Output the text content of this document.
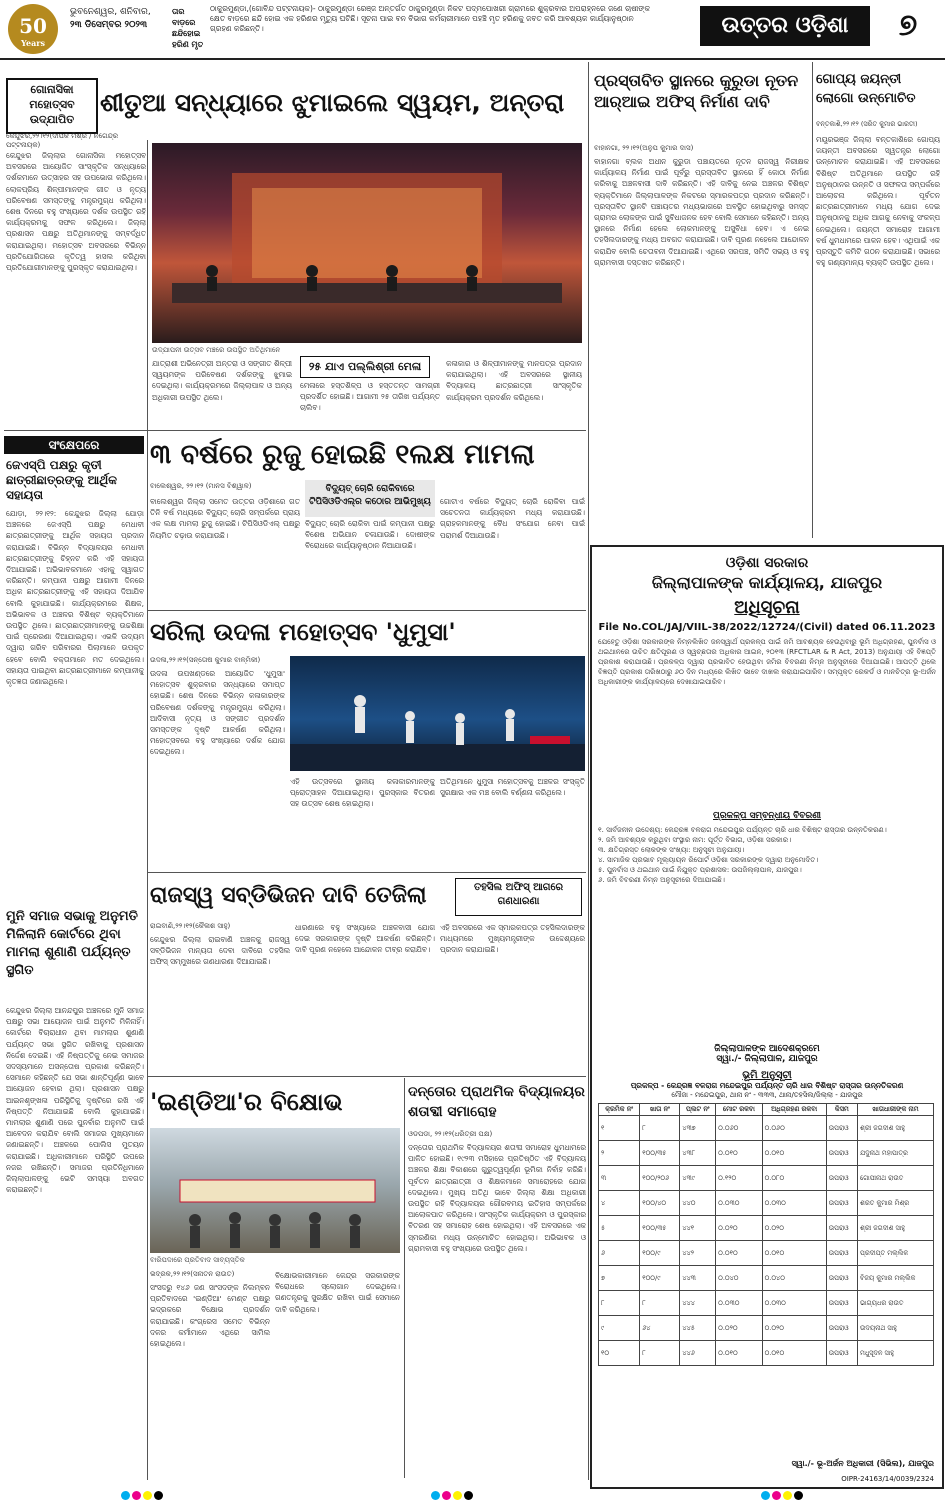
50
Years
ଭୁବନେଶ୍ୱର, ଶନିବାର,
୨୩ ଡିସେମ୍ବର ୨୦୨୩
ତାର ବାଡ଼ରେ ଛନ୍ଦିହୋଇ ହରିଣ ମୃତ
ଠାକୁରମୁଣ୍ଡା,(ଗୋବିନ୍ଦ ପଟ୍ଟନାୟକ)- ଠାକୁରମୁଣ୍ଡା ରେଞ୍ଜ ଅନ୍ତର୍ଗତ ଠାକୁରମୁଣ୍ଡା ନିକଟ ପଦ୍ମପୋଖରୀ ଗ୍ରାମରେ ଶୁକ୍ରବାର ଅପରାହ୍ନରେ ଜଣେ ଚାଷୀଙ୍କ କ୍ଷେତ ବାଡ଼ରେ ଛନ୍ଦି ହୋଇ ଏକ ହରିଣର ମୃତ୍ୟୁ ଘଟିଛି। ସୂଚନା ପାଇ ବନ ବିଭାଗ କର୍ମଚାରୀମାନେ ପହଞ୍ଚି ମୃତ ହରିଣକୁ ଜବତ କରି ଆବଶ୍ୟକ କାର୍ଯ୍ୟାନୁଷ୍ଠାନ ଗ୍ରହଣ କରିଛନ୍ତି।	ଉତ୍ତର ଓଡ଼ିଶା	୭
ଗୋନାସିକା ମହୋତ୍ସବ ଉଦ୍‌ଯାପିତ
ଶୀତୁଆ ସନ୍ଧ୍ୟାରେ ଝୁମାଇଲେ ସ୍ୱୟମ, ଅନ୍ତରା
କେନ୍ଦୁଝର,୨୨।୧୨(ଦୀପକ ମିଶ୍ର / ନଗେନ୍ଦ୍ର ପଟ୍ଟନାୟକ)
କେନ୍ଦୁଝର ଜିଲ୍ଲାର ଗୋନାସିକା ମହୋତ୍ସବ ଅବସରରେ ଆୟୋଜିତ ସାଂସ୍କୃତିକ ସନ୍ଧ୍ୟାରେ ଦର୍ଶକମାନେ ଉତ୍ସାହର ସହ ଉପଭୋଗ କରିଥିଲେ। ଲୋକପ୍ରିୟ ଶିଳ୍ପୀମାନଙ୍କ ଗୀତ ଓ ନୃତ୍ୟ ପରିବେଷଣ ସମସ୍ତଙ୍କୁ ମନ୍ତ୍ରମୁଗ୍ଧ କରିଥିଲା। ଶେଷ ଦିନରେ ବହୁ ସଂଖ୍ୟାରେ ଦର୍ଶକ ଉପସ୍ଥିତ ରହି କାର୍ଯ୍ୟକ୍ରମକୁ ସଫଳ କରିଥିଲେ। ଜିଲ୍ଲା ପ୍ରଶାସନ ପକ୍ଷରୁ ଅତିଥିମାନଙ୍କୁ ସମ୍ବର୍ଦ୍ଧିତ କରାଯାଇଥିଲା। ମହୋତ୍ସବ ଅବସରରେ ବିଭିନ୍ନ ପ୍ରତିଯୋଗିତାରେ କୃତିତ୍ୱ ହାସଲ କରିଥିବା ପ୍ରତିଯୋଗୀମାନଙ୍କୁ ପୁରସ୍କୃତ କରାଯାଇଥିଲା।
ଉଦ୍‌ଯାପନୀ ଉତ୍ସବ ମଞ୍ଚରେ ଉପସ୍ଥିତ ଅତିଥିମାନେ
ଯାତ୍ରାଶୀ ଅଭିନେତ୍ରୀ ଅନ୍ତରା ଓ ସଙ୍ଗୀତ ଶିଳ୍ପୀ ସ୍ୱୟମଙ୍କ ପରିବେଷଣ ଦର୍ଶକଙ୍କୁ ଝୁମାଇ ଦେଇଥିଲା। କାର୍ଯ୍ୟକ୍ରମରେ ଜିଲ୍ଲାପାଳ ଓ ଅନ୍ୟ ଅଧିକାରୀ ଉପସ୍ଥିତ ଥିଲେ।
୨୫ ଯାଏ ପଲ୍ଲିଶ୍ରୀ ମେଳା
ମେଳାରେ ହସ୍ତଶିଳ୍ପ ଓ ହସ୍ତତନ୍ତ ସାମଗ୍ରୀ ପ୍ରଦର୍ଶିତ ହୋଇଛି। ଆଗାମୀ ୨୫ ତାରିଖ ପର୍ଯ୍ୟନ୍ତ ଚାଲିବ।
କଳାକାର ଓ ଶିଳ୍ପୀମାନଙ୍କୁ ମାନପତ୍ର ପ୍ରଦାନ କରାଯାଇଥିଲା। ଏହି ଅବସରରେ ସ୍ଥାନୀୟ ବିଦ୍ୟାଳୟ ଛାତ୍ରଛାତ୍ରୀ ସାଂସ୍କୃତିକ କାର୍ଯ୍ୟକ୍ରମ ପ୍ରଦର୍ଶନ କରିଥିଲେ।
ପ୍ରସ୍ତାବିତ ସ୍ଥାନରେ କୁରୁଡା ନୂତନ ଆର୍‌ଆଇ ଅଫିସ୍ ନିର୍ମାଣ ଦାବି
ବାହାନଗା, ୨୨।୧୨(ଅନୁପ କୁମାର ଦାସ)
ବାହାନଗା ବ୍ଲକ ଅଧୀନ କୁରୁଡା ପଞ୍ଚାୟତରେ ନୂତନ ରାଜସ୍ୱ ନିରୀକ୍ଷକ କାର୍ଯ୍ୟାଳୟ ନିର୍ମାଣ ପାଇଁ ପୂର୍ବରୁ ପ୍ରସ୍ତାବିତ ସ୍ଥାନରେ ହିଁ କୋଠା ନିର୍ମାଣ କରିବାକୁ ଅଞ୍ଚଳବାସୀ ଦାବି କରିଛନ୍ତି। ଏହି ଦାବିକୁ ନେଇ ଅଞ୍ଚଳର ବିଶିଷ୍ଟ ବ୍ୟକ୍ତିମାନେ ଜିଲ୍ଲାପାଳଙ୍କ ନିକଟରେ ସ୍ମାରକପତ୍ର ପ୍ରଦାନ କରିଛନ୍ତି। ପ୍ରସ୍ତାବିତ ସ୍ଥାନଟି ପଞ୍ଚାୟତର ମଧ୍ୟଭାଗରେ ଅବସ୍ଥିତ ହୋଇଥିବାରୁ ସମସ୍ତ ଗ୍ରାମର ଲୋକଙ୍କ ପାଇଁ ସୁବିଧାଜନକ ହେବ ବୋଲି ସେମାନେ କହିଛନ୍ତି। ଅନ୍ୟ ସ୍ଥାନରେ ନିର୍ମାଣ ହେଲେ ଲୋକମାନଙ୍କୁ ଅସୁବିଧା ହେବ। ଏ ନେଇ ତହସିଲଦାରଙ୍କୁ ମଧ୍ୟ ଅବଗତ କରାଯାଇଛି। ଦାବି ପୂରଣ ନହେଲେ ଆନ୍ଦୋଳନ କରାଯିବ ବୋଲି ଚେତାବନୀ ଦିଆଯାଇଛି। ଏଥିରେ ସରପଞ୍ଚ, ସମିତି ସଭ୍ୟ ଓ ବହୁ ଗ୍ରାମବାସୀ ଦସ୍ତଖତ କରିଛନ୍ତି।
ଗୋପ୍ୟ ଜୟନ୍ତୀ ଲୋଗୋ ଉନ୍ମୋଚିତ
ବନ୍ତକାଶି,୨୨।୧୨ (ସରିତ କୁମାର ଭାରତୀ)
ମୟୂରଭଞ୍ଜ ଜିଲ୍ଲା ବନ୍ତକାଶିରେ ଗୋପ୍ୟ ଜୟନ୍ତୀ ଅବସରରେ ସ୍ୱତନ୍ତ୍ର ଲୋଗୋ ଉନ୍ମୋଚନ କରାଯାଇଛି। ଏହି ଅବସରରେ ବିଶିଷ୍ଟ ଅତିଥିମାନେ ଉପସ୍ଥିତ ରହି ଅନୁଷ୍ଠାନର ଉନ୍ନତି ଓ ସଫଳତା ସମ୍ପର୍କରେ ଆଲୋଚନା କରିଥିଲେ। ପୂର୍ବତନ ଛାତ୍ରଛାତ୍ରୀମାନେ ମଧ୍ୟ ଯୋଗ ଦେଇ ଅନୁଷ୍ଠାନକୁ ଅଧିକ ଆଗକୁ ନେବାକୁ ସଂକଳ୍ପ ନେଇଥିଲେ। ଜୟନ୍ତୀ ସମାରୋହ ଆଗାମୀ ବର୍ଷ ଧୁମଧାମରେ ପାଳନ ହେବ। ଏଥିପାଇଁ ଏକ ପ୍ରସ୍ତୁତି କମିଟି ଗଠନ କରାଯାଇଛି। ସଭାରେ ବହୁ ଗଣ୍ୟମାନ୍ୟ ବ୍ୟକ୍ତି ଉପସ୍ଥିତ ଥିଲେ।
ସଂକ୍ଷେପରେ
ଜେଏସ୍‌ପି ପକ୍ଷରୁ କୃତୀ ଛାତ୍ରୀଛାତ୍ରଙ୍କୁ ଆର୍ଥିକ ସହାୟତା
ଯୋଡ଼ା, ୨୨।୧୨: କେନ୍ଦୁଝର ଜିଲ୍ଲା ଯୋଡ଼ା ଅଞ୍ଚଳରେ ଜେଏସ୍‌ପି ପକ୍ଷରୁ ମେଧାବୀ ଛାତ୍ରଛାତ୍ରୀଙ୍କୁ ଆର୍ଥିକ ସହାୟତା ପ୍ରଦାନ କରାଯାଇଛି। ବିଭିନ୍ନ ବିଦ୍ୟାଳୟର ମେଧାବୀ ଛାତ୍ରଛାତ୍ରୀଙ୍କୁ ଚିହ୍ନଟ କରି ଏହି ସହାୟତା ଦିଆଯାଇଛି। ଅଭିଭାବକମାନେ ଏହାକୁ ସ୍ୱାଗତ କରିଛନ୍ତି। କମ୍ପାନୀ ପକ୍ଷରୁ ଆଗାମୀ ଦିନରେ ଅଧିକ ଛାତ୍ରଛାତ୍ରୀଙ୍କୁ ଏହି ସହାୟତା ଦିଆଯିବ ବୋଲି କୁହାଯାଇଛି। କାର୍ଯ୍ୟକ୍ରମରେ ଶିକ୍ଷକ, ଅଭିଭାବକ ଓ ଅଞ୍ଚଳର ବିଶିଷ୍ଟ ବ୍ୟକ୍ତିମାନେ ଉପସ୍ଥିତ ଥିଲେ। ଛାତ୍ରଛାତ୍ରୀମାନଙ୍କୁ ଉଚ୍ଚଶିକ୍ଷା ପାଇଁ ପ୍ରେରଣା ଦିଆଯାଇଥିଲା। ଏଭଳି ଉଦ୍ୟମ ଦ୍ୱାରା ଗରିବ ପରିବାରର ପିଲାମାନେ ଉପକୃତ ହେବେ ବୋଲି ବକ୍ତାମାନେ ମତ ଦେଇଥିଲେ। ସହାୟତା ପାଇଥିବା ଛାତ୍ରଛାତ୍ରୀମାନେ କମ୍ପାନୀକୁ କୃତଜ୍ଞତା ଜଣାଇଥିଲେ।
୩ ବର୍ଷରେ ରୁଜୁ ହୋଇଛି ୧ଲକ୍ଷ ମାମଲା
ବାଲେଶ୍ୱର, ୨୨।୧୨ (ମାନସ ବିଶ୍ୱାଳ)	ବିଦ୍ୟୁତ୍ ଚୋରି ରୋକିବାରେ ଟିପିସିଓଡିଏଲ୍‌ର କଠୋର ଆଭିମୁଖ୍ୟ
ବାଲେଶ୍ୱର ଜିଲ୍ଲା ସମେତ ଉତ୍ତର ଓଡ଼ିଶାରେ ଗତ ତିନି ବର୍ଷ ମଧ୍ୟରେ ବିଦ୍ୟୁତ୍ ଚୋରି ସମ୍ପର୍କରେ ପ୍ରାୟ ଏକ ଲକ୍ଷ ମାମଲା ରୁଜୁ ହୋଇଛି। ଟିପିସିଓଡିଏଲ୍ ପକ୍ଷରୁ ନିୟମିତ ଚଢ଼ାଉ କରାଯାଉଛି।
ବିଦ୍ୟୁତ୍ ଚୋରି ରୋକିବା ପାଇଁ କମ୍ପାନୀ ପକ୍ଷରୁ ବିଶେଷ ଅଭିଯାନ ଚଳାଯାଉଛି। ଦୋଷୀଙ୍କ ବିରୋଧରେ କାର୍ଯ୍ୟାନୁଷ୍ଠାନ ନିଆଯାଉଛି।
ଗୋଟାଏ ବର୍ଷରେ ବିଦ୍ୟୁତ୍ ଚୋରି ରୋକିବା ପାଇଁ ସଚେତନତା କାର୍ଯ୍ୟକ୍ରମ ମଧ୍ୟ କରାଯାଉଛି। ଗ୍ରାହକମାନଙ୍କୁ ବୈଧ ସଂଯୋଗ ନେବା ପାଇଁ ପରାମର୍ଶ ଦିଆଯାଉଛି।
ସରିଲା ଉଦଳା ମହୋତ୍ସବ 'ଧୁମୁସା'
ଉଦଳା,୨୨।୧୨(ସନ୍ତୋଷ କୁମାର ବାଳ୍ମିକୀ)
ଉଦଳା ଉପଖଣ୍ଡରେ ଆୟୋଜିତ 'ଧୁମୁସା' ମହୋତ୍ସବ ଶୁକ୍ରବାର ସନ୍ଧ୍ୟାରେ ସମାପ୍ତ ହୋଇଛି। ଶେଷ ଦିନରେ ବିଭିନ୍ନ କଳାକାରଙ୍କ ପରିବେଷଣ ଦର୍ଶକଙ୍କୁ ମନ୍ତ୍ରମୁଗ୍ଧ କରିଥିଲା। ଆଦିବାସୀ ନୃତ୍ୟ ଓ ସଙ୍ଗୀତ ପ୍ରଦର୍ଶନ ସମସ୍ତଙ୍କ ଦୃଷ୍ଟି ଆକର୍ଷଣ କରିଥିଲା। ମହୋତ୍ସବରେ ବହୁ ସଂଖ୍ୟାରେ ଦର୍ଶକ ଯୋଗ ଦେଇଥିଲେ।
ଏହି ଉତ୍ସବରେ ସ୍ଥାନୀୟ କଳାକାରମାନଙ୍କୁ ପ୍ରୋତ୍ସାହନ ଦିଆଯାଇଥିଲା। ପୁରସ୍କାର ବିତରଣ ସହ ଉତ୍ସବ ଶେଷ ହୋଇଥିଲା।
ଅତିଥିମାନେ ଧୁମୁସା ମହୋତ୍ସବକୁ ଅଞ୍ଚଳର ସଂସ୍କୃତି ସୁରକ୍ଷାର ଏକ ମଞ୍ଚ ବୋଲି ବର୍ଣ୍ଣନା କରିଥିଲେ।
ମୁନି ସମାଜ ସଭାକୁ ଅନୁମତି ମିଳିଲାନି କୋର୍ଟରେ ଥିବା ମାମଲା ଶୁଣାଣି ପର୍ଯ୍ୟନ୍ତ ସ୍ଥଗିତ
କେନ୍ଦୁଝର ଜିଲ୍ଲା ଆନନ୍ଦପୁର ଅଞ୍ଚଳରେ ମୁନି ସମାଜ ପକ୍ଷରୁ ସଭା ଆୟୋଜନ ପାଇଁ ଅନୁମତି ମିଳିନାହିଁ। କୋର୍ଟରେ ବିଚାରାଧୀନ ଥିବା ମାମଲାର ଶୁଣାଣି ପର୍ଯ୍ୟନ୍ତ ସଭା ସ୍ଥଗିତ ରଖିବାକୁ ପ୍ରଶାସନ ନିର୍ଦ୍ଦେଶ ଦେଇଛି। ଏହି ନିଷ୍ପତ୍ତିକୁ ନେଇ ସମାଜର ସଦସ୍ୟମାନେ ଅସନ୍ତୋଷ ପ୍ରକାଶ କରିଛନ୍ତି। ସେମାନେ କହିଛନ୍ତି ଯେ ସଭା ଶାନ୍ତିପୂର୍ଣ୍ଣ ଭାବେ ଆୟୋଜନ ହେବାର ଥିଲା। ପ୍ରଶାସନ ପକ୍ଷରୁ ଆଇନଶୃଙ୍ଖଳା ପରିସ୍ଥିତିକୁ ଦୃଷ୍ଟିରେ ରଖି ଏହି ନିଷ୍ପତ୍ତି ନିଆଯାଇଛି ବୋଲି କୁହାଯାଇଛି। ମାମଲାର ଶୁଣାଣି ପରେ ପୁନର୍ବାର ଅନୁମତି ପାଇଁ ଆବେଦନ କରାଯିବ ବୋଲି ସମାଜର ମୁଖ୍ୟମାନେ ଜଣାଇଛନ୍ତି। ଅଞ୍ଚଳରେ ପୋଲିସ ମୁତୟନ କରାଯାଇଛି। ଅଧିକାରୀମାନେ ପରିସ୍ଥିତି ଉପରେ ନଜର ରଖିଛନ୍ତି। ସମାଜର ପ୍ରତିନିଧିମାନେ ଜିଲ୍ଲାପାଳଙ୍କୁ ଭେଟି ସମସ୍ୟା ଅବଗତ କରାଇଛନ୍ତି।
ରାଜସ୍ୱ ସବ୍‌ଡିଭିଜନ ଦାବି ତେଜିଲା	ତହସିଲ ଅଫିସ୍ ଆଗରେ ଗଣଧାରଣା
ରାଇବାଣି,୨୨।୧୨(କୈଳାଶ ସାହୁ)
କେନ୍ଦୁଝର ଜିଲ୍ଲା ରାଇବାଣି ଅଞ୍ଚଳକୁ ରାଜସ୍ୱ ସବ୍‌ଡିଭିଜନ ମାନ୍ୟତା ଦେବା ଦାବିରେ ତହସିଲ ଅଫିସ୍ ସମ୍ମୁଖରେ ଗଣଧାରଣା ଦିଆଯାଇଛି।
ଧାରଣାରେ ବହୁ ସଂଖ୍ୟାରେ ଅଞ୍ଚଳବାସୀ ଯୋଗ ଦେଇ ସରକାରଙ୍କ ଦୃଷ୍ଟି ଆକର୍ଷଣ କରିଛନ୍ତି। ଦାବି ପୂରଣ ନହେଲେ ଆନ୍ଦୋଳନ ତୀବ୍ର କରାଯିବ।
ଏହି ଅବସରରେ ଏକ ସ୍ମାରକପତ୍ର ତହସିଲଦାରଙ୍କ ମାଧ୍ୟମରେ ମୁଖ୍ୟମନ୍ତ୍ରୀଙ୍କ ଉଦ୍ଦେଶ୍ୟରେ ପ୍ରଦାନ କରାଯାଇଛି।
'ଇଣ୍ଡିଆ'ର ବିକ୍ଷୋଭ
ବାରିପଦାରେ ପ୍ରତିବାଦ ସାବ୍ୟସ୍ତିକ
ଭଦ୍ରକ,୨୨।୧୨(ସନାତନ ରାଉତ)
ସଂସଦରୁ ୧୪୬ ଜଣ ସାଂସଦଙ୍କ ନିଲମ୍ବନ ପ୍ରତିବାଦରେ 'ଇଣ୍ଡିଆ' ମେଣ୍ଟ ପକ୍ଷରୁ ଭଦ୍ରକରେ ବିକ୍ଷୋଭ ପ୍ରଦର୍ଶନ କରାଯାଇଛି। କଂଗ୍ରେସ ସମେତ ବିଭିନ୍ନ ଦଳର କର୍ମୀମାନେ ଏଥିରେ ସାମିଲ ହୋଇଥିଲେ।
ବିକ୍ଷୋଭକାରୀମାନେ କେନ୍ଦ୍ର ସରକାରଙ୍କ ବିରୋଧରେ ସ୍ଲୋଗାନ ଦେଇଥିଲେ। ଗଣତନ୍ତ୍ରକୁ ସୁରକ୍ଷିତ ରଖିବା ପାଇଁ ସେମାନେ ଦାବି କରିଥିଲେ।
ଦନ୍ତୋର ପ୍ରାଥମିକ ବିଦ୍ୟାଳୟର ଶତାବ୍ଦୀ ସମାରୋହ
ଓଡପଡା, ୨୨।୧୨(ଧରିତ୍ରୀ ପକ୍ଷ)
ଦନ୍ତୋର ପ୍ରାଥମିକ ବିଦ୍ୟାଳୟର ଶତାବ୍ଦୀ ସମାରୋହ ଧୁମଧାମରେ ପାଳିତ ହୋଇଛି। ୧୯୨୩ ମସିହାରେ ପ୍ରତିଷ୍ଠିତ ଏହି ବିଦ୍ୟାଳୟ ଅଞ୍ଚଳର ଶିକ୍ଷା ବିକାଶରେ ଗୁରୁତ୍ୱପୂର୍ଣ୍ଣ ଭୂମିକା ନିର୍ବାହ କରିଛି। ପୂର୍ବତନ ଛାତ୍ରଛାତ୍ରୀ ଓ ଶିକ୍ଷକମାନେ ସମାରୋହରେ ଯୋଗ ଦେଇଥିଲେ। ମୁଖ୍ୟ ଅତିଥି ଭାବେ ଜିଲ୍ଲା ଶିକ୍ଷା ଅଧିକାରୀ ଉପସ୍ଥିତ ରହି ବିଦ୍ୟାଳୟର ଗୌରବମୟ ଇତିହାସ ସମ୍ପର୍କରେ ଆଲୋକପାତ କରିଥିଲେ। ସାଂସ୍କୃତିକ କାର୍ଯ୍ୟକ୍ରମ ଓ ପୁରସ୍କାର ବିତରଣ ସହ ସମାରୋହ ଶେଷ ହୋଇଥିଲା। ଏହି ଅବସରରେ ଏକ ସ୍ମରଣିକା ମଧ୍ୟ ଉନ୍ମୋଚିତ ହୋଇଥିଲା। ଅଭିଭାବକ ଓ ଗ୍ରାମବାସୀ ବହୁ ସଂଖ୍ୟାରେ ଉପସ୍ଥିତ ଥିଲେ।
ଓଡ଼ିଶା ସରକାର
ଜିଲ୍ଲାପାଳଙ୍କ କାର୍ଯ୍ୟାଳୟ, ଯାଜପୁର
ଅଧିସୂଚନା
File No.COL/JAJ/VIIL-38/2022/12724/(Civil) dated 06.11.2023
ଯେହେତୁ ଓଡ଼ିଶା ସରକାରଙ୍କ ନିମ୍ନଲିଖିତ ଜନସ୍ୱାର୍ଥ ପ୍ରକଳ୍ପ ପାଇଁ ଜମି ଆବଶ୍ୟକ ହେଉଥିବାରୁ ଭୂମି ଅଧିଗ୍ରହଣ, ପୁନର୍ବାସ ଓ ଥଇଥାନରେ ଉଚିତ କ୍ଷତିପୂରଣ ଓ ସ୍ୱଚ୍ଛତାର ଅଧିକାର ଆଇନ, ୨୦୧୩ (RFCTLAR & R Act, 2013) ଅନୁଯାୟୀ ଏହି ବିଜ୍ଞପ୍ତି ପ୍ରକାଶ କରାଯାଉଛି। ପ୍ରକଳ୍ପ ଦ୍ୱାରା ପ୍ରଭାବିତ ହେଉଥିବା ଜମିର ବିବରଣୀ ନିମ୍ନ ଅନୁସୂଚୀରେ ଦିଆଯାଇଛି। ଆପତ୍ତି ଥିଲେ ବିଜ୍ଞପ୍ତି ପ୍ରକାଶ ତାରିଖଠାରୁ ୬୦ ଦିନ ମଧ୍ୟରେ ଲିଖିତ ଭାବେ ଦାଖଲ କରାଯାଇପାରିବ। ସମ୍ପୃକ୍ତ ରେକର୍ଡ ଓ ମାନଚିତ୍ର ଭୂ-ଅର୍ଜନ ଅଧିକାରୀଙ୍କ କାର୍ଯ୍ୟାଳୟରେ ଦେଖାଯାଇପାରିବ।
ପ୍ରକଳ୍ପ ସମ୍ବନ୍ଧୀୟ ବିବରଣୀ
୧. ସାର୍ବଜନୀନ ଉଦ୍ଦେଶ୍ୟ: କେନ୍ଦ୍ରଜ୍ଞ ବଳରାଗ ମନ୍ଦେଇପୁର ପର୍ଯ୍ୟନ୍ତ ଚାରି ଧାର ବିଶିଷ୍ଟ ରାସ୍ତାର ଉନ୍ନତିକରଣ।
୨. ଜମି ଆବଶ୍ୟକ କରୁଥିବା ସଂସ୍ଥାର ନାମ: ପୂର୍ତ୍ତ ବିଭାଗ, ଓଡ଼ିଶା ସରକାର।
୩. କ୍ଷତିଗ୍ରସ୍ତ ଲୋକଙ୍କ ସଂଖ୍ୟା: ଅନୁସୂଚୀ ଅନୁଯାୟୀ।
୪. ସାମାଜିକ ପ୍ରଭାବ ମୂଲ୍ୟାୟନ ରିପୋର୍ଟ ଓଡ଼ିଶା ସରକାରଙ୍କ ଦ୍ୱାରା ଅନୁମୋଦିତ।
୫. ପୁନର୍ବାସ ଓ ଥଇଥାନ ପାଇଁ ନିଯୁକ୍ତ ପ୍ରଶାସକ: ଉପଜିଲ୍ଲାପାଳ, ଯାଜପୁର।
୬. ଜମି ବିବରଣୀ ନିମ୍ନ ଅନୁସୂଚୀରେ ଦିଆଯାଇଛି।
ଜିଲ୍ଲାପାଳଙ୍କ ଆଦେଶକ୍ରମେ
ସ୍ୱା./- ଜିଲ୍ଲାପାଳ, ଯାଜପୁର
ଭୂମି ଅନୁସୂଚୀ
ପ୍ରକଳ୍ପ - କେନ୍ଦ୍ରଜ୍ଞ ବଳରାଗ ମନ୍ଦେଇପୁର ପର୍ଯ୍ୟନ୍ତ ଚାରି ଧାର ବିଶିଷ୍ଟ ରାସ୍ତାର ଉନ୍ନତିକରଣ
ମୌଜା - ମନ୍ଦେଇପୁର, ଥାନା ନଂ - ୩୩୩, ଥାନା/ତହସିଲ/ଜିଲ୍ଲା - ଯାଜପୁର
କ୍ରମିକ ନଂ	ଖାତା ନଂ	ପ୍ଲଟ ନଂ	ମୋଟ ରକବା	ଅଧିଗ୍ରହଣ ରକବା	କିସମ	ଖାତାଧାରୀଙ୍କ ନାମ
୧	୮	୪୩୭	୦.୦୬୦	୦.୦୬୦	ଉପରାଓ	ଶ୍ରୀ ଜଗଦୀଶ ସାହୁ
୨	୧୦୦/୩୫	୪୩୮	୦.୦୧୦	୦.୦୧୦	ଉପରାଓ	ଯଦୁନାଥ ମହାପାତ୍ର
୩	୧୦୦/୨୦୬	୪୩୯	୦.୧୨୦	୦.୦୮୦	ଉପରାଓ	ଗୋପୀନାଥ ରାଉତ
୪	୧୦୦/୪୦	୪୪୦	୦.୦୩୦	୦.୦୩୦	ଉପରାଓ	ଶରତ କୁମାର ମିଶ୍ର
୫	୧୦୦/୩୫	୪୪୧	୦.୦୨୦	୦.୦୨୦	ଉପରାଓ	ଶ୍ରୀ ଜଗଦୀଶ ସାହୁ
୬	୧୦୦/୯	୪୪୨	୦.୦୧୦	୦.୦୧୦	ଉପରାଓ	ପ୍ରଦୀପ୍ତ ମଲ୍ଲିକ
୭	୧୦୦/୯	୪୪୩	୦.୦୪୦	୦.୦୪୦	ଉପରାଓ	ବିଜୟ କୁମାର ମଲ୍ଲିକ
୮	୮	୪୪୪	୦.୦୩୦	୦.୦୩୦	ଉପରାଓ	ଭାଗ୍ୟଧର ରାଉତ
୯	୬୪	୪୪୫	୦.୦୨୦	୦.୦୨୦	ଉପରାଓ	ଉଦୟନାଥ ସାହୁ
୧୦	୮	୪୪୬	୦.୦୧୦	୦.୦୧୦	ଉପରାଓ	ମଧୁସୂଦନ ସାହୁ
ସ୍ୱା./- ଭୂ-ଅର୍ଜନ ଅଧିକାରୀ (ସିଭିଲ), ଯାଜପୁର
OIPR-24163/14/0039/2324
